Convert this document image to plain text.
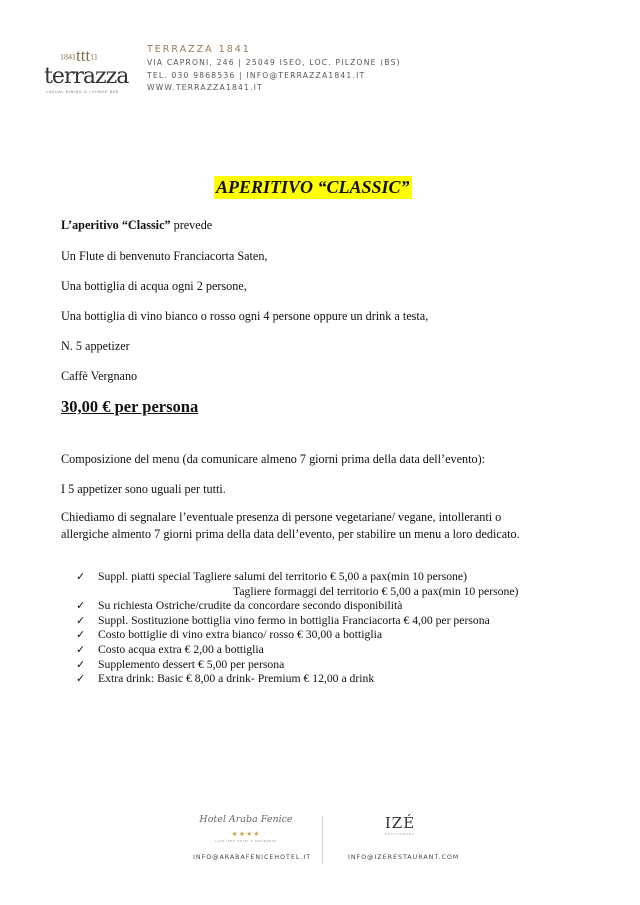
1841ttt11
terrazza
CASUAL DINING & LOUNGE BAR
TERRAZZA 1841
VIA CAPRONI, 246 | 25049 ISEO, LOC. PILZONE (BS)
TEL. 030 9868536 | INFO@TERRAZZA1841.IT
WWW.TERRAZZA1841.IT
APERITIVO “CLASSIC”
L’aperitivo “Classic” prevede
Un Flute di benvenuto Franciacorta Saten,
Una bottiglia di acqua ogni 2 persone,
Una bottiglia di vino bianco o rosso ogni 4 persone oppure un drink a testa,
N. 5 appetizer
Caffè Vergnano
30,00 € per persona
Composizione del menu (da comunicare almeno 7 giorni prima della data dell’evento):
I 5 appetizer sono uguali per tutti.
Chiediamo di segnalare l’eventuale presenza di persone vegetariane/ vegane, intolleranti o
allergiche almento 7 giorni prima della data dell’evento, per stabilire un menu a loro dedicato.
✓ Suppl. piatti special Tagliere salumi del territorio € 5,00 a pax(min 10 persone)
Tagliere formaggi del territorio € 5,00 a pax(min 10 persone)
✓ Su richiesta Ostriche/crudite da concordare secondo disponibilità
✓ Suppl. Sostituzione bottiglia vino fermo in bottiglia Franciacorta € 4,00 per persona
✓ Costo bottiglie di vino extra bianco/ rosso € 30,00 a bottiglia
✓ Costo acqua extra € 2,00 a bottiglia
✓ Supplemento dessert € 5,00 per persona
✓ Extra drink: Basic € 8,00 a drink- Premium € 12,00 a drink
Hotel Araba Fenice
★★★★
LAKE ISEO HOTEL & RESIDENCE
IZÉ
RESTAURANT
INFO@ARABAFENICEHOTEL.IT	INFO@IZERESTAURANT.COM
